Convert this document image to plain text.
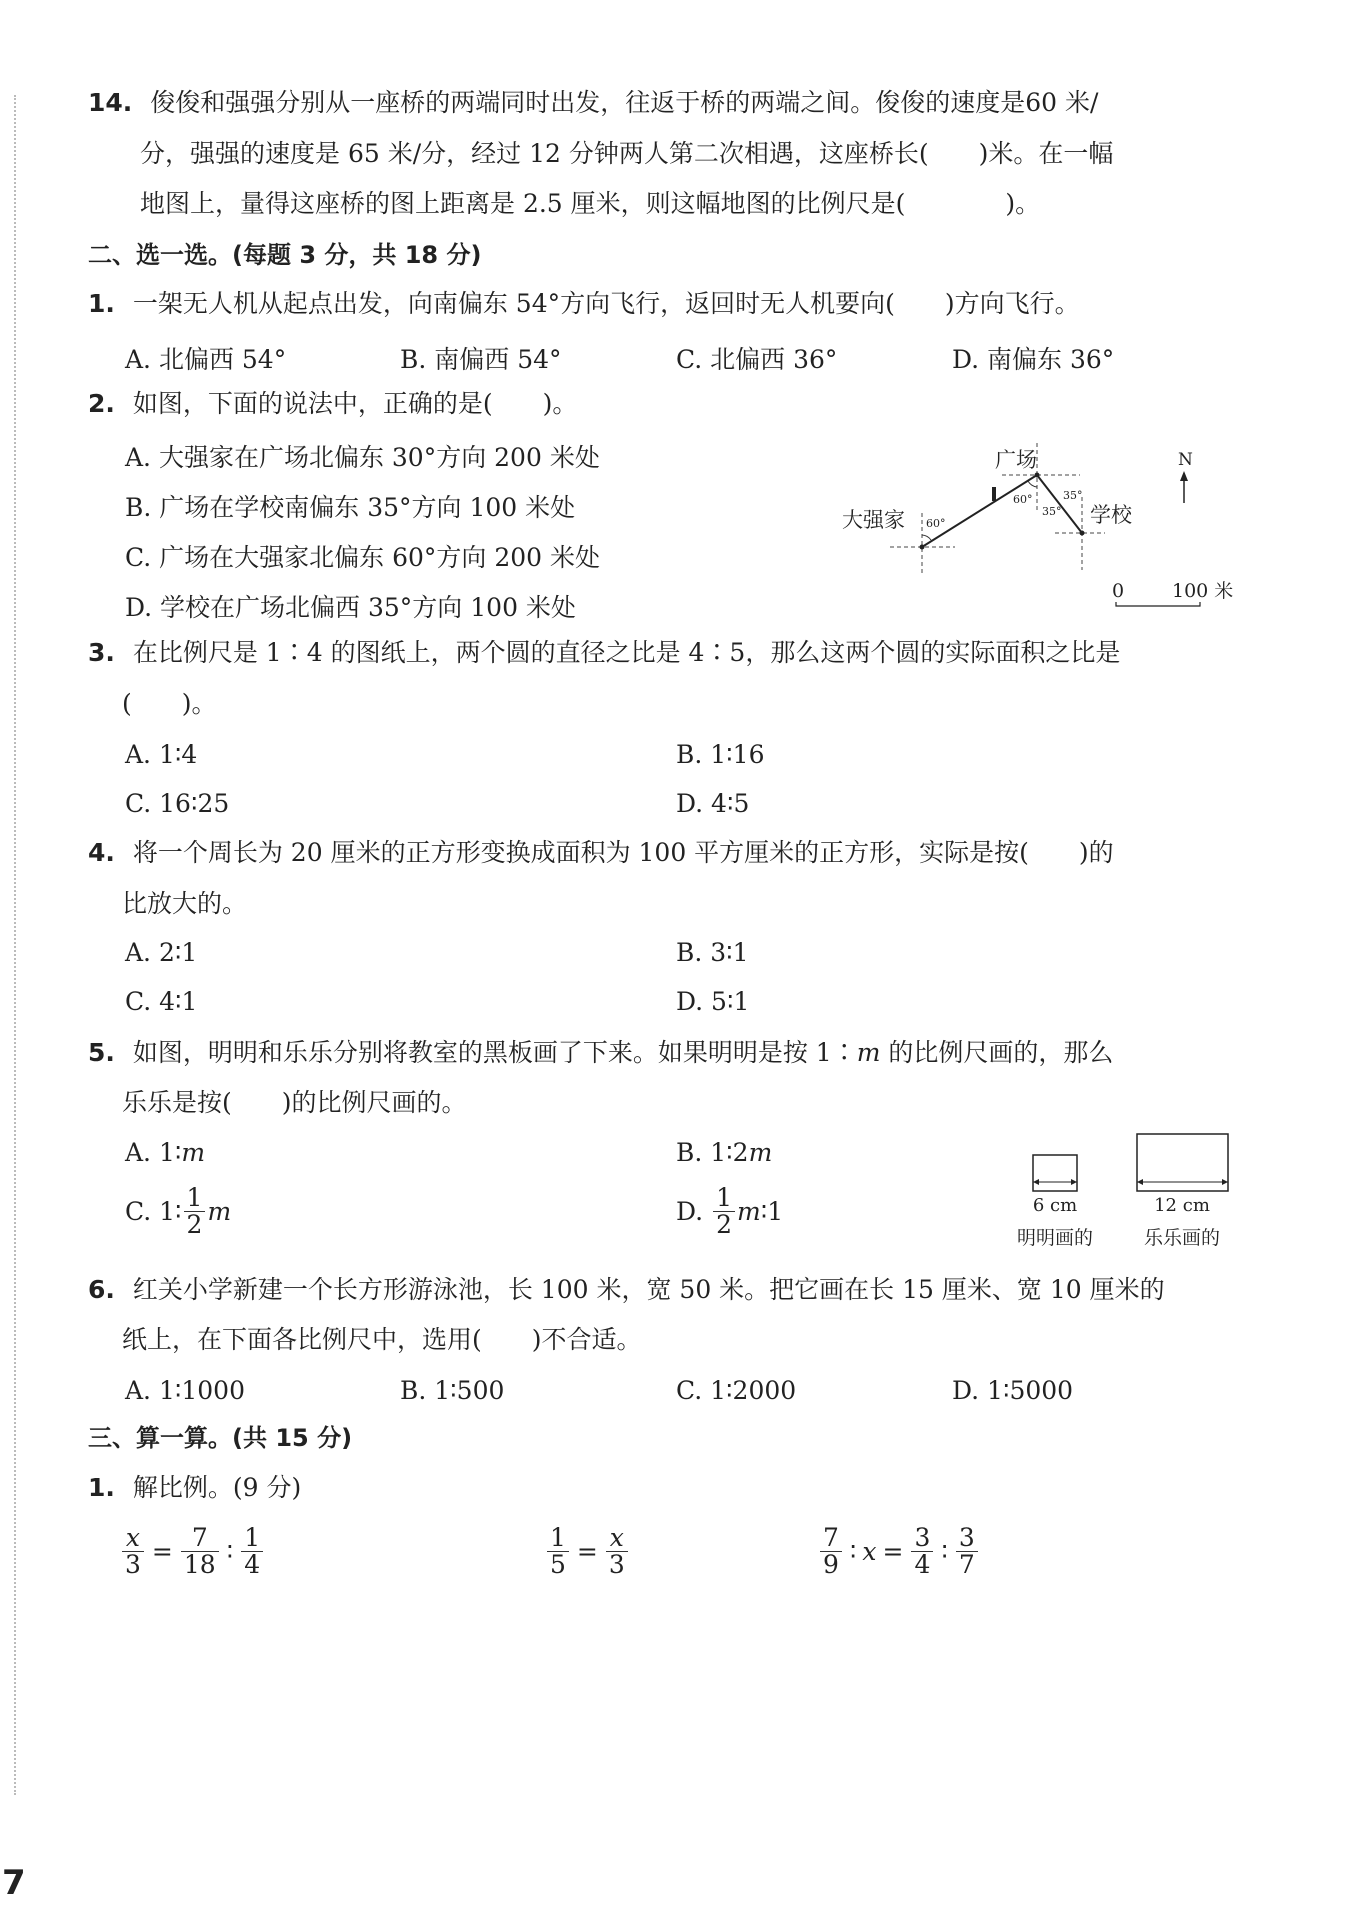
14. 俊俊和强强分别从一座桥的两端同时出发，往返于桥的两端之间。俊俊的速度是60 米/
分，强强的速度是 65 米/分，经过 12 分钟两人第二次相遇，这座桥长(　　)米。在一幅
地图上，量得这座桥的图上距离是 2.5 厘米，则这幅地图的比例尺是(　　　　)。
二、选一选。(每题 3 分，共 18 分)
1. 一架无人机从起点出发，向南偏东 54°方向飞行，返回时无人机要向(　　)方向飞行。
A. 北偏西 54°	B. 南偏西 54°	C. 北偏西 36°	D. 南偏东 36°
2. 如图，下面的说法中，正确的是(　　)。
A. 大强家在广场北偏东 30°方向 200 米处
B. 广场在学校南偏东 35°方向 100 米处
C. 广场在大强家北偏东 60°方向 200 米处
D. 学校在广场北偏西 35°方向 100 米处
广场
大强家	学校
60°
60°	35°
35°
N
0	100 米
3. 在比例尺是 1∶4 的图纸上，两个圆的直径之比是 4∶5，那么这两个圆的实际面积之比是
(　　)。
A. 1∶4	B. 1∶16
C. 16∶25	D. 4∶5
4. 将一个周长为 20 厘米的正方形变换成面积为 100 平方厘米的正方形，实际是按(　　)的
比放大的。
A. 2∶1	B. 3∶1
C. 4∶1	D. 5∶1
5. 如图，明明和乐乐分别将教室的黑板画了下来。如果明明是按 1∶m 的比例尺画的，那么
乐乐是按(　　)的比例尺画的。
A. 1∶m	B. 1∶2m
C. 1∶ $\frac{1}{2}$ m	D. $\frac{1}{2}$ m ∶1	6 cm
明明画的
12 cm
乐乐画的
6. 红关小学新建一个长方形游泳池，长 100 米，宽 50 米。把它画在长 15 厘米、宽 10 厘米的
纸上，在下面各比例尺中，选用(　　)不合适。
A. 1∶1000	B. 1∶500	C. 1∶2000	D. 1∶5000
三、算一算。(共 15 分)
1. 解比例。(9 分)
$\frac{x}{3} = \frac{7}{18}$ ∶ $\frac{1}{4}$	$\frac{1}{5} = \frac{x}{3}$	$\frac{7}{9}$ ∶ $x = \frac{3}{4}$ ∶ $\frac{3}{7}$
7
